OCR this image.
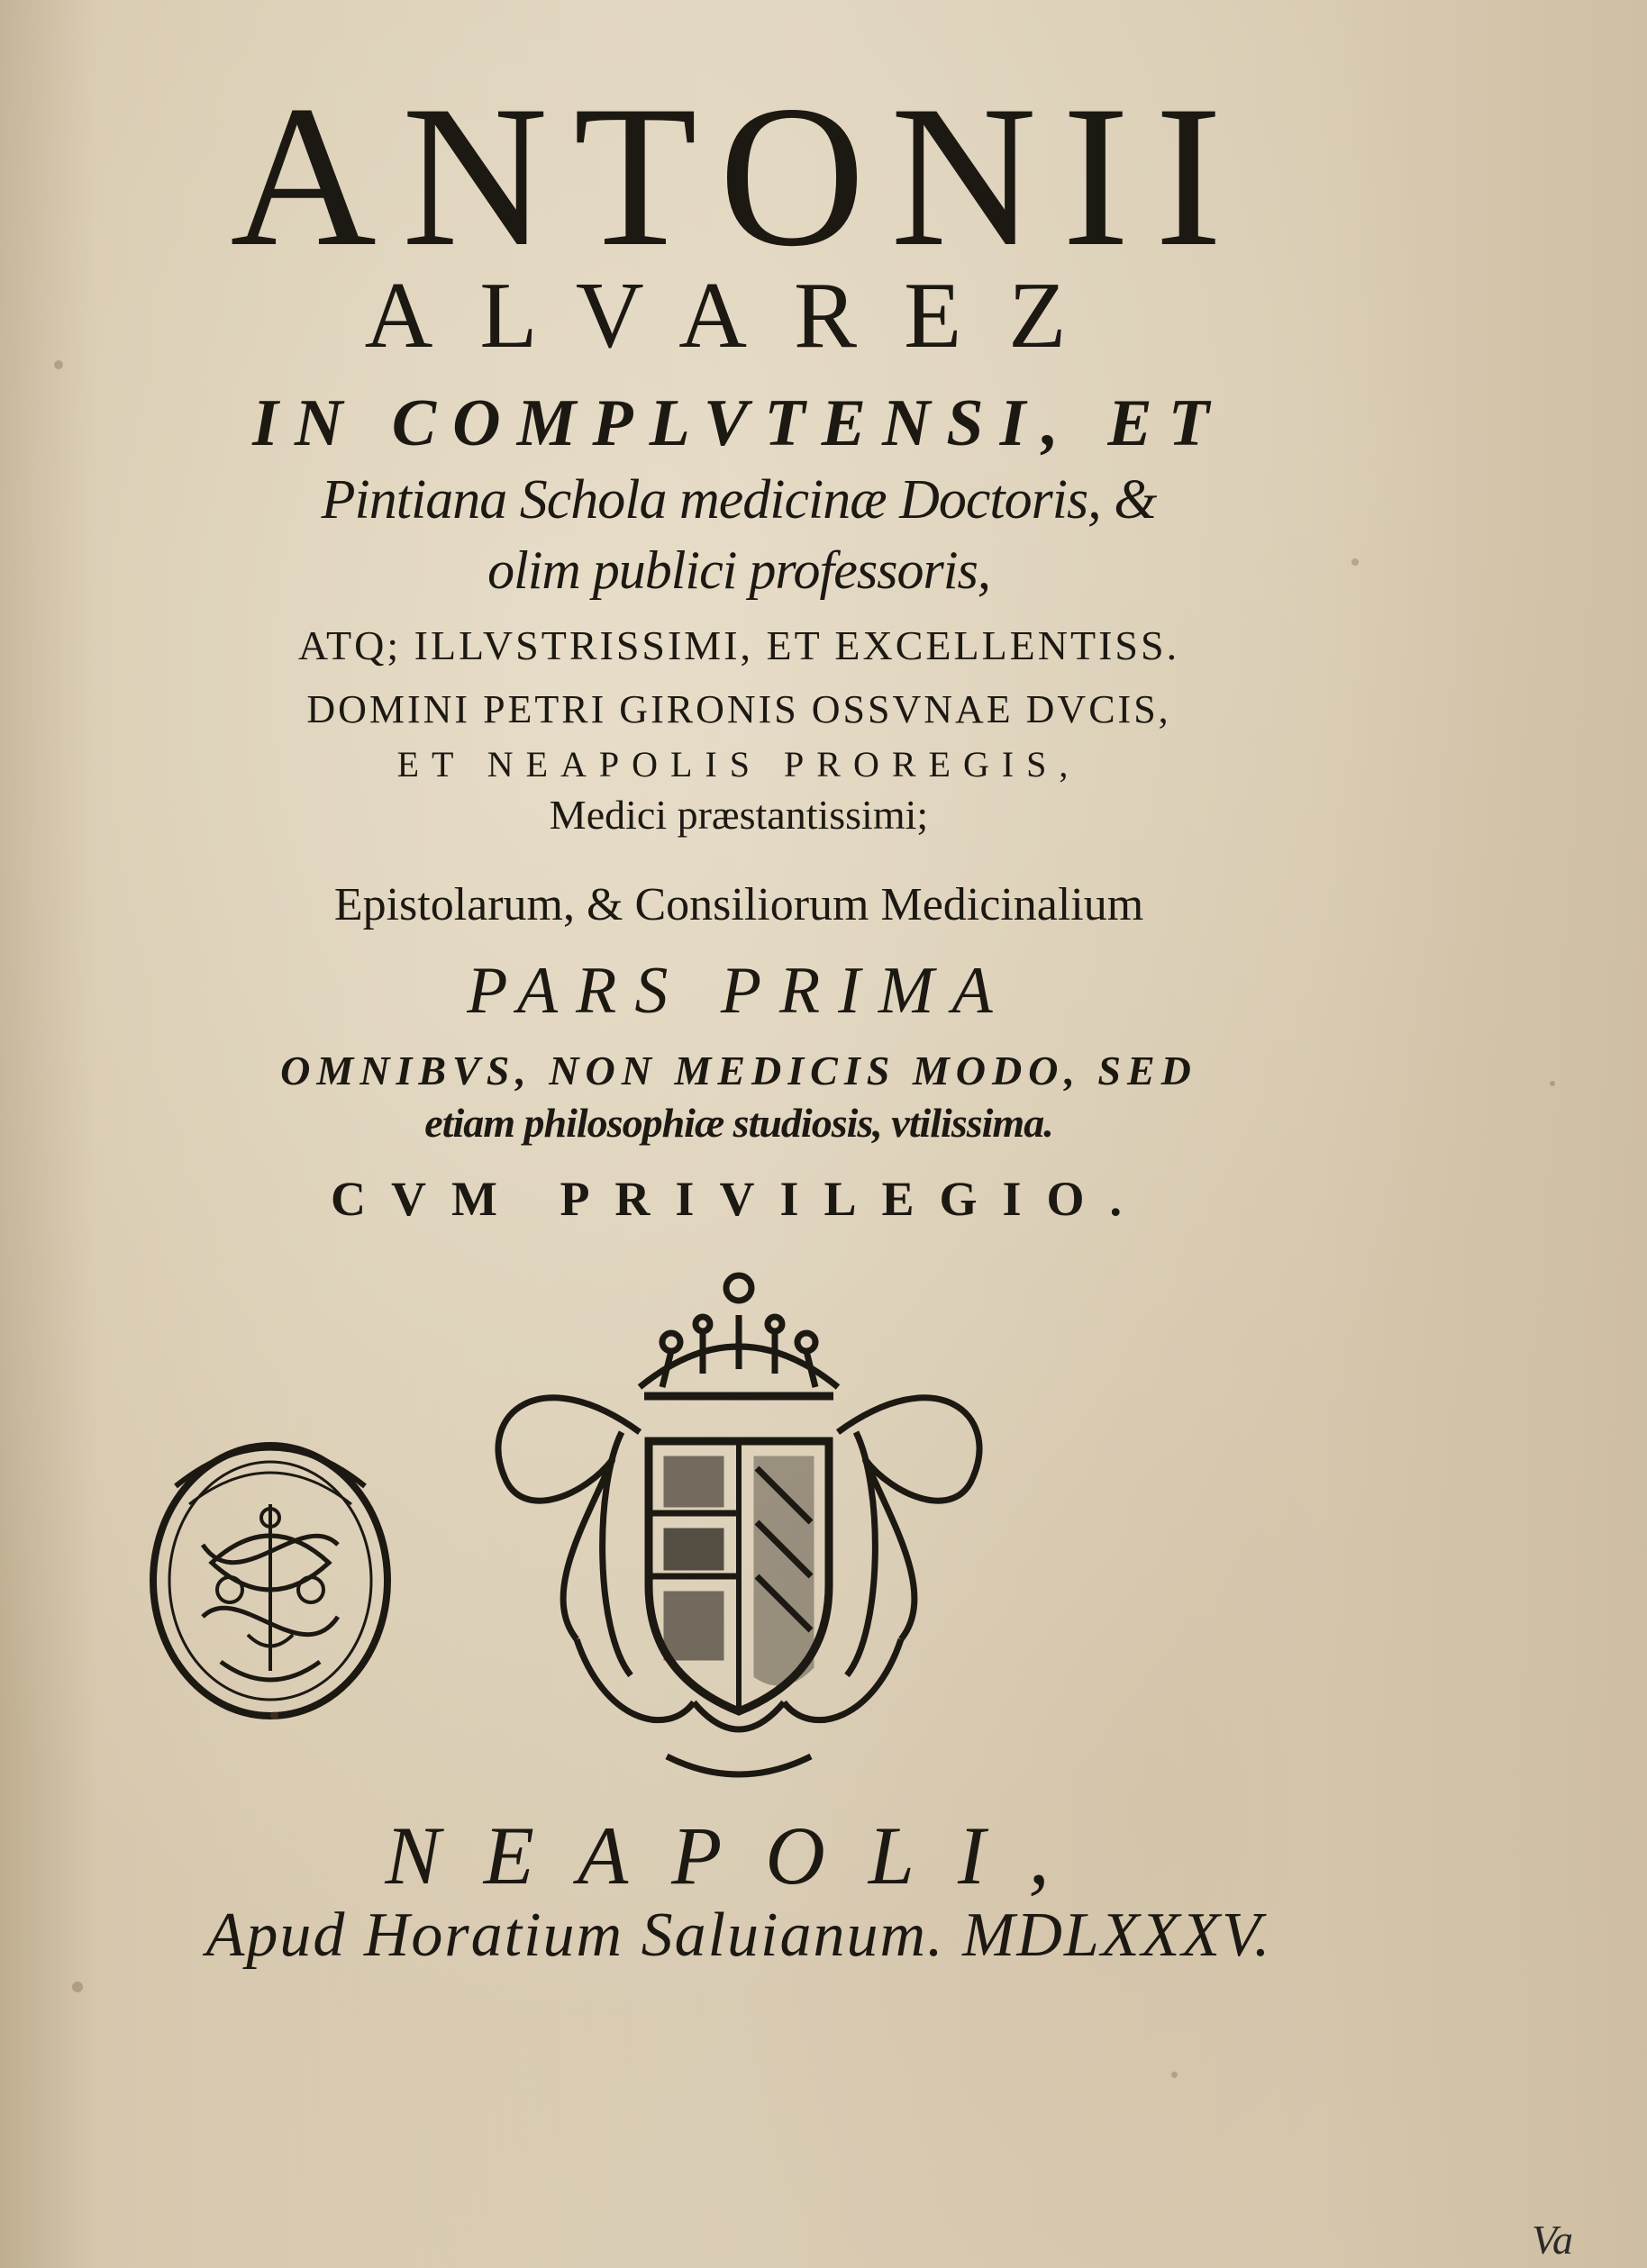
ANTONII
ALVAREZ
IN COMPLVTENSI, ET
Pintiana Schola medicinæ Doctoris, &
olim publici professoris,
ATQ; ILLVSTRISSIMI, ET EXCELLENTISS.
DOMINI PETRI GIRONIS OSSVNAE DVCIS,
ET NEAPOLIS PROREGIS,
Medici præstantissimi;
Epistolarum, & Consiliorum Medicinalium
PARS PRIMA
OMNIBVS, NON MEDICIS MODO, SED
etiam philosophiæ studiosis, vtilissima.
CVM PRIVILEGIO.
NEAPOLI,
Apud Horatium Saluianum. MDLXXXV.
Va
